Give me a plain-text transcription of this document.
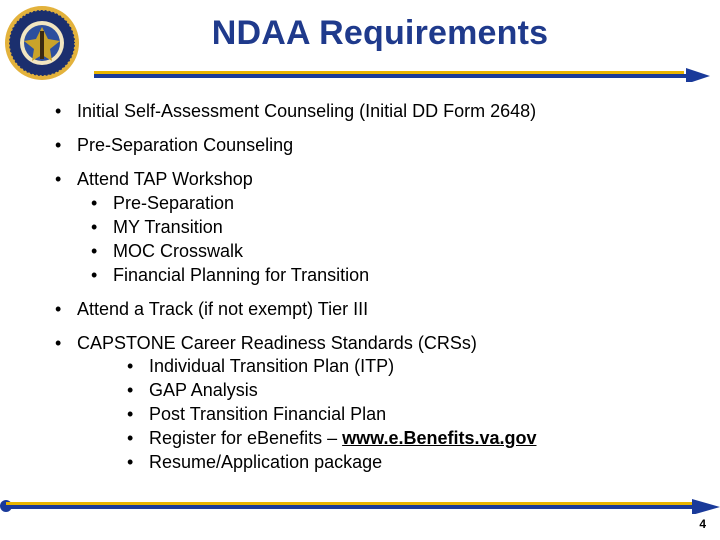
NDAA Requirements
• Initial Self-Assessment Counseling (Initial DD Form 2648)
• Pre-Separation Counseling
• Attend TAP Workshop
• Pre-Separation
• MY Transition
• MOC Crosswalk
• Financial Planning for Transition
• Attend a Track (if not exempt) Tier III
• CAPSTONE Career Readiness Standards (CRSs)
• Individual Transition Plan (ITP)
• GAP Analysis
• Post Transition Financial Plan
• Register for eBenefits – www.e.Benefits.va.gov
• Resume/Application package
4
